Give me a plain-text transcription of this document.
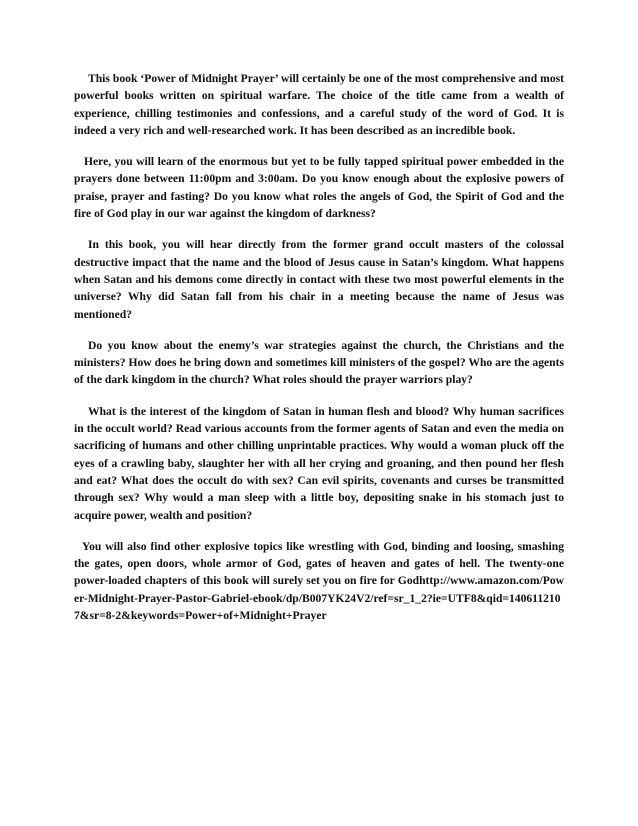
This book ‘Power of Midnight Prayer’ will certainly be one of the most comprehensive and most powerful books written on spiritual warfare. The choice of the title came from a wealth of experience, chilling testimonies and confessions, and a careful study of the word of God. It is indeed a very rich and well-researched work. It has been described as an incredible book.

Here, you will learn of the enormous but yet to be fully tapped spiritual power embedded in the prayers done between 11:00pm and 3:00am. Do you know enough about the explosive powers of praise, prayer and fasting? Do you know what roles the angels of God, the Spirit of God and the fire of God play in our war against the kingdom of darkness?

In this book, you will hear directly from the former grand occult masters of the colossal destructive impact that the name and the blood of Jesus cause in Satan’s kingdom. What happens when Satan and his demons come directly in contact with these two most powerful elements in the universe? Why did Satan fall from his chair in a meeting because the name of Jesus was mentioned?

Do you know about the enemy’s war strategies against the church, the Christians and the ministers? How does he bring down and sometimes kill ministers of the gospel? Who are the agents of the dark kingdom in the church? What roles should the prayer warriors play?

What is the interest of the kingdom of Satan in human flesh and blood? Why human sacrifices in the occult world? Read various accounts from the former agents of Satan and even the media on sacrificing of humans and other chilling unprintable practices. Why would a woman pluck off the eyes of a crawling baby, slaughter her with all her crying and groaning, and then pound her flesh and eat? What does the occult do with sex? Can evil spirits, covenants and curses be transmitted through sex? Why would a man sleep with a little boy, depositing snake in his stomach just to acquire power, wealth and position?

You will also find other explosive topics like wrestling with God, binding and loosing, smashing the gates, open doors, whole armor of God, gates of heaven and gates of hell. The twenty-one power-loaded chapters of this book will surely set you on fire for Godhttp://www.amazon.com/Power-Midnight-Prayer-Pastor-Gabriel-ebook/dp/B007YK24V2/ref=sr_1_2?ie=UTF8&qid=1406112107&sr=8-2&keywords=Power+of+Midnight+Prayer
